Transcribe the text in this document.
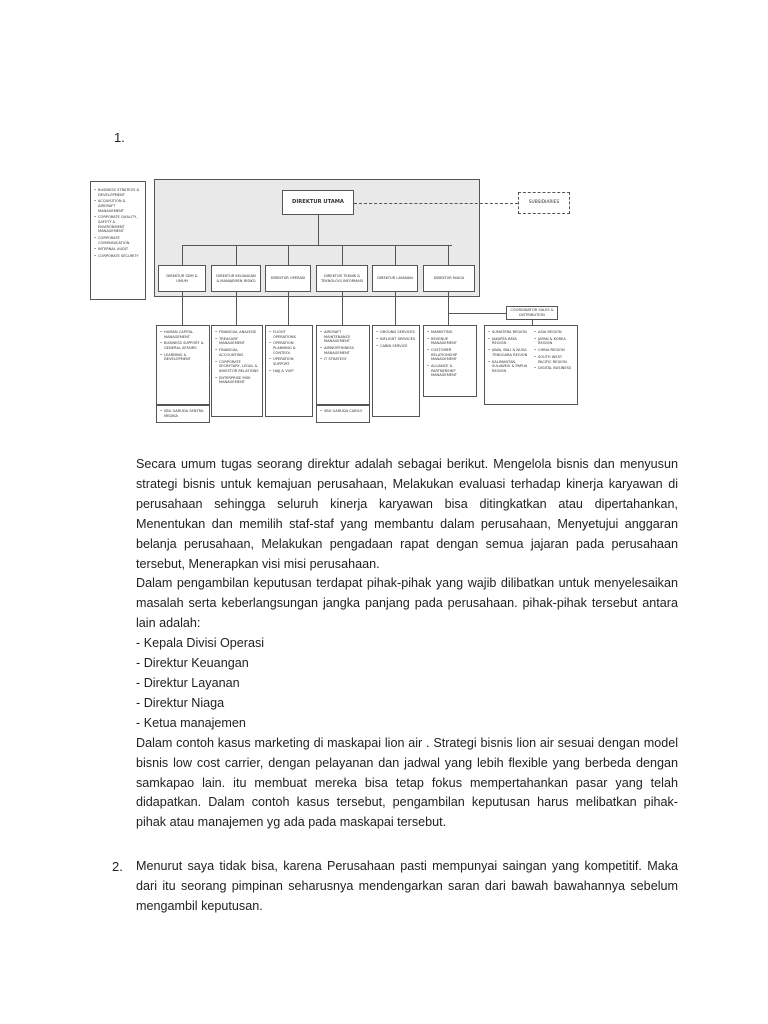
1.
2.
• BUSINESS STRATEGY & DEVELOPMENT
• ACQUISITION & AIRCRAFT MANAGEMENT
• CORPORATE QUALITY, SAFETY & ENVIRONMENT MANAGEMENT
• CORPORATE COMMUNICATION
• INTERNAL AUDIT
• CORPORATE SECURITY
DIREKTUR UTAMA	SUBSIDIARIES
DIREKTUR SDM & UMUM
DIREKTUR KEUANGAN & MANAJEMEN RISIKO
DIREKTUR OPERASI
DIREKTUR TEKNIK & TEKNOLOGI INFORMASI
DIREKTUR LAYANAN	DIREKTUR NIAGA
COORDINATOR SALES & DISTRIBUTION
• HUMAN CAPITAL MANAGEMENT
• BUSINESS SUPPORT & GENERAL AFFAIRS
• LEARNING & DEVELOPMENT
• FINANCIAL ANALYSIS
• TREASURY MANAGEMENT
• FINANCIAL ACCOUNTING
• CORPORATE SECRETARY, LEGAL & INVESTOR RELATIONS
• ENTERPRISE RISK MANAGEMENT
• FLIGHT OPERATIONS
• OPERATION PLANNING & CONTROL
• OPERATION SUPPORT
• HAJJ & VVIP
• AIRCRAFT MAINTENANCE MANAGEMENT
• AIRWORTHINESS MANAGEMENT
• IT STRATEGY
• GROUND SERVICES
• INFLIGHT SERVICES
• CABIN SERVICE
• MARKETING
• REVENUE MANAGEMENT
• CUSTOMER RELATIONSHIP MANAGEMENT
• ALLIANCE & PARTNERSHIP MANAGEMENT
• SBU GARUDA SENTRA MEDIKA
• SBU GARUDA CARGO
• SUMATERA REGION
• JAKARTA RAYA REGION
• JAWA, BALI & NUSA TENGGARA REGION
• KALIMANTAN, SULAWESI & PAPUA REGION
• ASIA REGION
• JAPAN & KOREA REGION
• CHINA REGION
• SOUTH WEST PACIFIC REGION
• DIGITAL BUSINESS
Secara umum tugas seorang direktur adalah sebagai berikut. Mengelola bisnis dan menyusun
strategi bisnis untuk kemajuan perusahaan, Melakukan evaluasi terhadap kinerja karyawan di
perusahaan sehingga seluruh kinerja karyawan bisa ditingkatkan atau dipertahankan,
Menentukan dan memilih staf-staf yang membantu dalam perusahaan, Menyetujui anggaran
belanja perusahaan, Melakukan pengadaan rapat dengan semua jajaran pada perusahaan
tersebut, Menerapkan visi misi perusahaan.
Dalam pengambilan keputusan terdapat pihak-pihak yang wajib dilibatkan untuk menyelesaikan
masalah serta keberlangsungan jangka panjang pada perusahaan. pihak-pihak tersebut antara
lain adalah:
- Kepala Divisi Operasi
- Direktur Keuangan
- Direktur Layanan
- Direktur Niaga
- Ketua manajemen
Dalam contoh kasus marketing di maskapai lion air . Strategi bisnis lion air sesuai dengan model
bisnis low cost carrier, dengan pelayanan dan jadwal yang lebih flexible yang berbeda dengan
samkapao lain. itu membuat mereka bisa tetap fokus mempertahankan pasar yang telah
didapatkan. Dalam contoh kasus tersebut, pengambilan keputusan harus melibatkan pihak-
pihak atau manajemen yg ada pada maskapai tersebut.
Menurut saya tidak bisa, karena Perusahaan pasti mempunyai saingan yang kompetitif. Maka
dari itu seorang pimpinan seharusnya mendengarkan saran dari bawah bawahannya sebelum
mengambil keputusan.
